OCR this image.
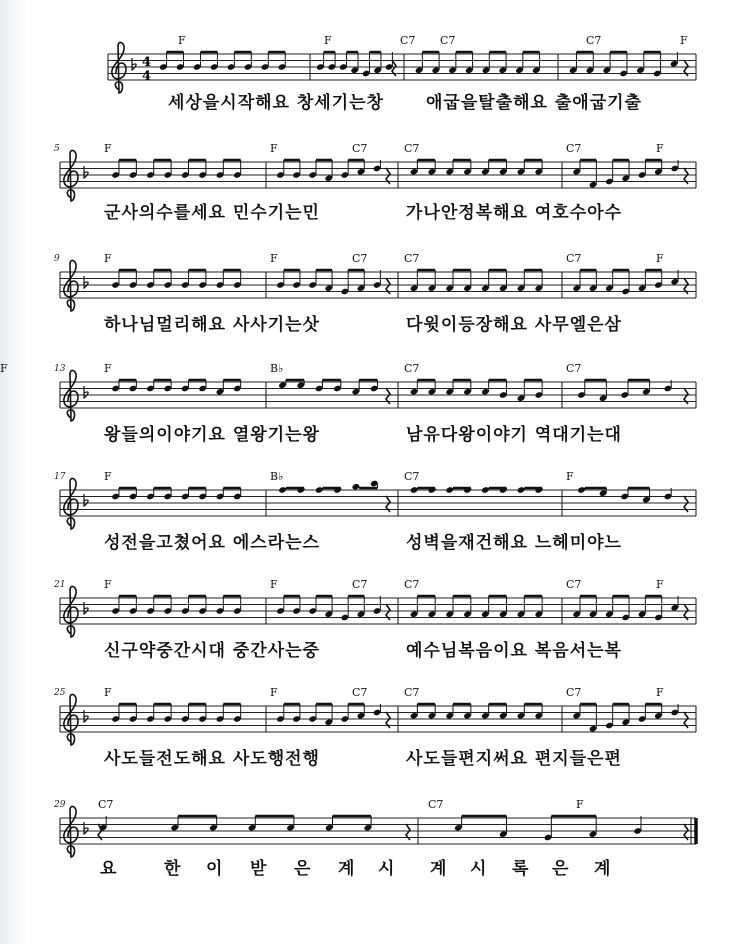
4
4
F	F	C7 C7	C7	F
세상을시작해요 창세기는창 애굽을탈출해요 출애굽기출
5	F	F	C7	C7	C7	F
군사의수를세요 민수기는민	가나안정복해요 여호수아수
9	F	F	C7	C7	C7	F
하나님멀리해요 사사기는삿	다윗이등장해요 사무엘은삼
13	F	B♭	C7	C7
F
왕들의이야기요 열왕기는왕	남유다왕이야기 역대기는대
17	F	B♭	C7	F
성전을고쳤어요 에스라는스	성벽을재건해요 느헤미야느
21	F	F	C7	C7	C7	F
신구약중간시대 중간사는중	예수님복음이요 복음서는복
25	F	F	C7	C7	C7	F
사도들전도해요 사도행전행	사도들편지써요 편지들은편
29	C7	C7	F
요	한 이 받 은 계 시 계 시 록 은 계
